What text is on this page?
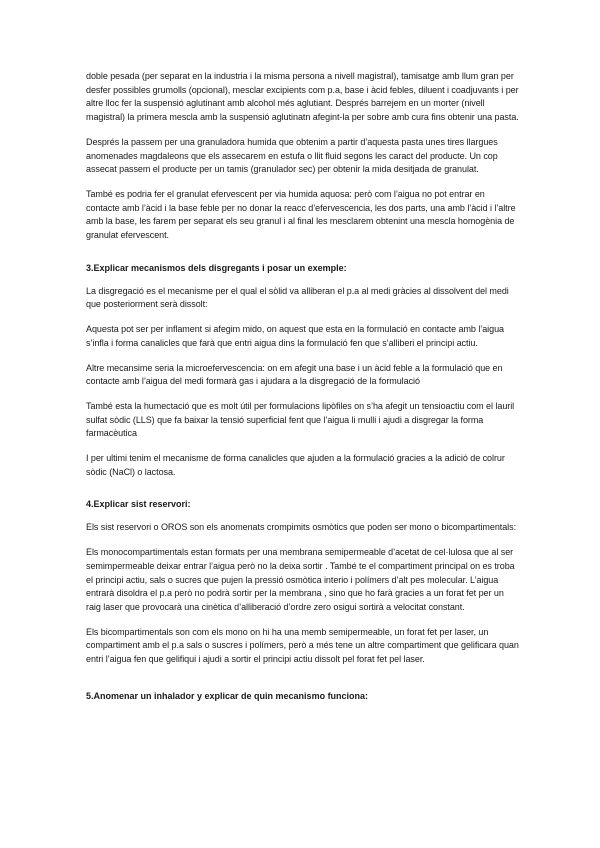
doble pesada (per separat en la industria i la misma persona a nivell magistral), tamisatge amb llum gran per desfer possibles grumolls (opcional), mesclar excipients com p.a, base i àcid febles, diluent i coadjuvants i per altre lloc fer la suspensió aglutinant amb alcohol més aglutiant. Després barrejem en un morter (nivell magistral) la primera mescla amb la suspensió aglutinatn afegint-la per sobre amb cura fins obtenir una pasta.

Després la passem per una granuladora humida que obtenim a partir d’aquesta pasta unes tires llargues anomenades magdaleons que els assecarem en estufa o llit fluid segons les caract del producte. Un cop assecat passem el producte per un tamis (granulador sec) per obtenir la mida desitjada de granulat.

També es podria fer el granulat efervescent per via humida aquosa: però com l’aigua no pot entrar en contacte amb l’àcid i la base feble per no donar la reacc d’efervescencia, les dos parts, una amb l’àcid i l’altre amb la base, les farem per separat els seu granul i al final les mesclarem obtenint una mescla homogènia de granulat efervescent.

3.Explicar mecanismos dels disgregants i posar un exemple:

La disgregació es el mecanisme per el qual el sòlid va alliberan el p.a al medi gràcies al dissolvent del medi que posteriorment serà dissolt:

Aquesta pot ser per inflament si afegim mido, on aquest que esta en la formulació en contacte amb l’aigua s’infla i forma canalicles que farà que entri aigua dins la formulació fen que s’alliberi el principi actiu.

Altre mecansime seria la microefervescencia: on em afegit una base i un àcid feble a la formulació que en contacte amb l’aigua del medi formarà gas i ajudara a la disgregació de la formulació

També esta la humectació que es molt útil per formulacions lipòfiles on s’ha afegit un tensioactiu com el lauril sulfat sòdic (LLS) que fa baixar la tensió superficial fent que l’aigua li mulli i ajudi a disgregar la forma farmacèutica

I per ultimi tenim el mecanisme de forma canalicles que ajuden a la formulació gracies a la adició de colrur sòdic (NaCl) o lactosa.

4.Explicar sist reservori:

Els sist reservori o OROS son els anomenats crompimits osmòtics que poden ser mono o bicompartimentals:

Els monocompartimentals estan formats per una membrana semipermeable d’acetat de cel·lulosa que al ser semimpermeable deixar entrar l’aigua però no la deixa sortir . També te el compartiment principal on es troba el principi actiu, sals o sucres que pujen la pressió osmòtica interio i polímers d’alt pes molecular. L’aigua entrarà disoldra el p.a però no podrà sortir per la membrana , sino que ho farà gracies a un forat fet per un raig laser que provocarà una cinètica d’alliberació d’ordre zero osigui sortirà a velocitat constant.

Els bicompartimentals son com els mono on hi ha una memb semipermeable, un forat fet per laser, un compartiment amb el p.a sals o suscres i polímers, però a més tene un altre compartiment que gelificara quan entri l’aigua fen que gelifiqui i ajudi a sortir el principi actiu dissolt pel forat fet pel laser.

5.Anomenar un inhalador y explicar de quin mecanismo funciona:
